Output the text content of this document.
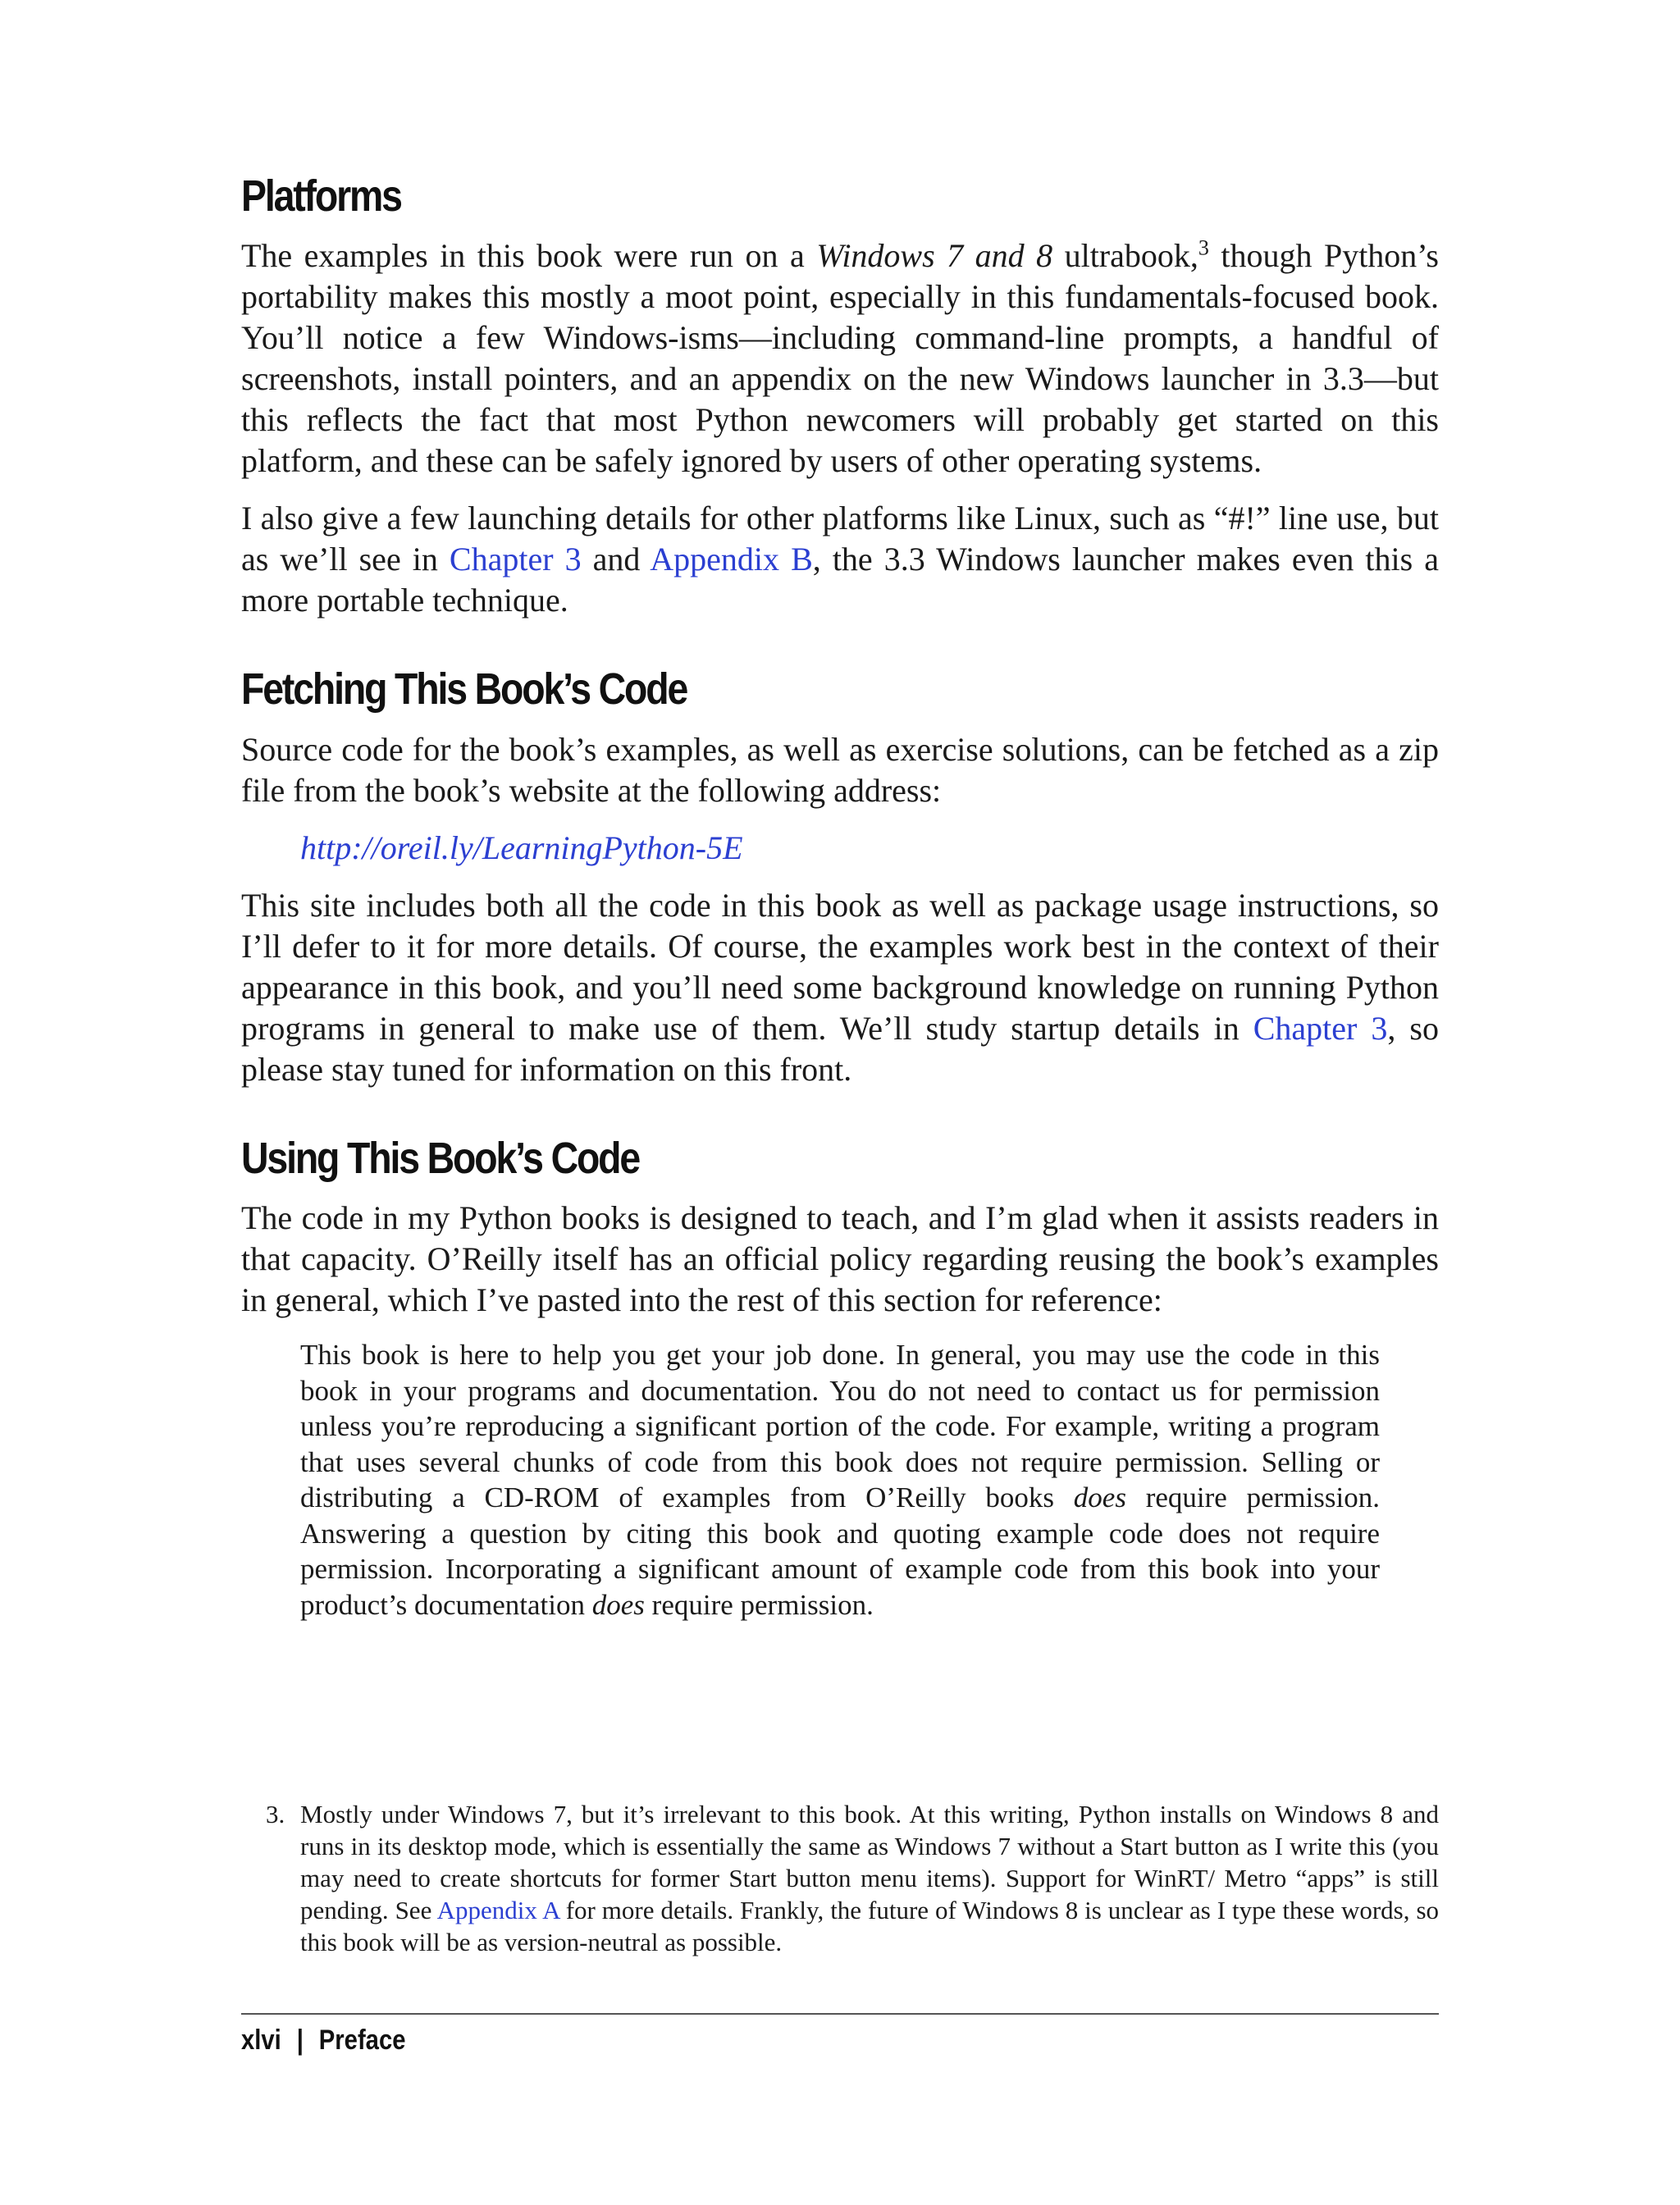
Platforms

The examples in this book were run on a Windows 7 and 8 ultrabook,$^3$ though Python’s portability makes this mostly a moot point, especially in this fundamentals-focused book. You’ll notice a few Windows-isms—including command-line prompts, a handful of screenshots, install pointers, and an appendix on the new Windows launcher in 3.3—but this reflects the fact that most Python newcomers will probably get started on this platform, and these can be safely ignored by users of other operating systems.

I also give a few launching details for other platforms like Linux, such as “#!” line use, but as we’ll see in Chapter 3 and Appendix B, the 3.3 Windows launcher makes even this a more portable technique.

Fetching This Book’s Code

Source code for the book’s examples, as well as exercise solutions, can be fetched as a zip file from the book’s website at the following address:

http://oreil.ly/LearningPython-5E

This site includes both all the code in this book as well as package usage instructions, so I’ll defer to it for more details. Of course, the examples work best in the context of their appearance in this book, and you’ll need some background knowledge on running Python programs in general to make use of them. We’ll study startup details in Chapter 3, so please stay tuned for information on this front.

Using This Book’s Code

The code in my Python books is designed to teach, and I’m glad when it assists readers in that capacity. O’Reilly itself has an official policy regarding reusing the book’s examples in general, which I’ve pasted into the rest of this section for reference:

This book is here to help you get your job done. In general, you may use the code in this book in your programs and documentation. You do not need to contact us for permission unless you’re reproducing a significant portion of the code. For example, writing a program that uses several chunks of code from this book does not require permission. Selling or distributing a CD-ROM of examples from O’Reilly books does require permission. Answering a question by citing this book and quoting example code does not require permission. Incorporating a significant amount of example code from this book into your product’s documentation does require permission.
3. Mostly under Windows 7, but it’s irrelevant to this book. At this writing, Python installs on Windows 8 and runs in its desktop mode, which is essentially the same as Windows 7 without a Start button as I write this (you may need to create shortcuts for former Start button menu items). Support for WinRT/ Metro “apps” is still pending. See Appendix A for more details. Frankly, the future of Windows 8 is unclear as I type these words, so this book will be as version-neutral as possible.
xlvi | Preface
